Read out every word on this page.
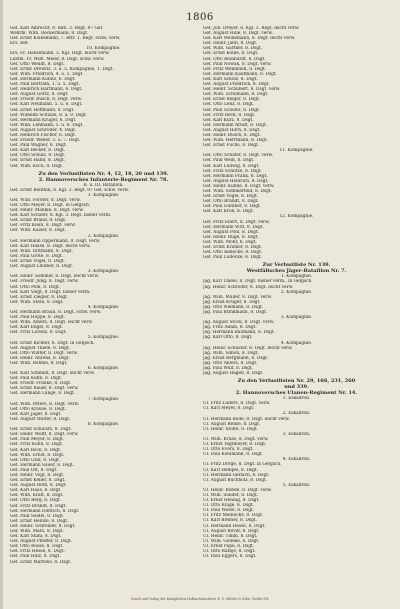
1806
Gef. Karl Albrecht, 9. Batl. 3. Regt. 97 Gef.
Wehrm. Wilh. Deckermann, 8. Dsgt.
Gef. Ernst Kolbemann, 7. Bttr. 1. Regt. schw. verw.
Ers. Ref.
10. Kompagnie.
Ers. Fr. Hansemann, 5. Kgl. Dsgt. leicht verw.
Ldstm. Fr. Wilh. Meier, 8. Dsgt. schw. verw.
Gef. Otto Wendt, 8. Dsgt.
Gef. Ernst Drewitz, 3. u. 5. Kompagnie, 1. Dsgt.
Gef. Wilh. Friedrich, 4. u. 5. Dsgt.
Gef. Hermann Kubitz, 6. Dsgt.
Gef. Paul Bertram, 1. u. 5. Dsgt.
Gef. Heinrich Hartmann, 6. Dsgt.
Gef. August Görtz, 8. Dsgt.
Gef. Friedr. Busch, 8. Dsgt. verw.
Gef. Karl Neumann, 5. u. 6. Dsgt.
Gef. Ernst Hoffmann, 8. Dsgt.
Gef. Wilhelm Schulze, 8. u. 9. Dsgt.
Gef. Hermann Krüger, 8. Dsgt.
Gef. Wilh. Lehmann, 5. u. 8. Dsgt.
Gef. August Schröder, 4. Dsgt.
Gef. Heinrich Fischer, 6. Dsgt.
Gef. Friedr. Weber, 5. u. 7. Dsgt.
Gef. Paul Wagner, 8. Dsgt.
Gef. Karl Becker, 8. Dsgt.
Gef. Otto Schulz, 8. Dsgt.
Gef. Ernst Hahn, 8. Dsgt.
Gef. Wilh. Koch, 8. Dsgt.
Zu den Verlustlisten Nr. 4, 12, 18, 20 und 139.
2. Hannoversches Infanterie-Regiment Nr. 78.
II. u. III. Bataillon.
Gef. Ernst Benthin, 8. Kgl. 3. Regt. 97 Gef. schw. verw.
1. Kompagnie.
Gef. Wilh. Förster, 8. Dsgt. verw.
Gef. Otto Meyer, 8. Dsgt. in Gefgsch.
Gef. Heinr. Mahlke, 8. Dsgt. verw.
Gef. Karl Schäfer, 8. Kgl. 3. Regt. bisher verm.
Gef. Ernst Brand, 8. Dsgt.
Gef. Fritz Klein, 8. Dsgt. verw.
Gef. Wilh. Kaiser, 8. Dsgt.
2. Kompagnie.
Gef. Hermann Oppermann, 8. Dsgt. verw.
Gef. Karl Haase, 8. Dsgt. leicht verw.
Gef. Wilh. Dittmann, 8. Dsgt.
Gef. Paul Grote, 8. Dsgt.
Gef. Ernst Vogel, 8. Dsgt.
Gef. August Lindner, 8. Dsgt.
3. Kompagnie.
Gef. Heinr. Sommer, 8. Dsgt. leicht verw.
Gef. Friedr. Jung, 8. Dsgt. verw.
Gef. Otto Pohl, 8. Dsgt.
Gef. Karl Voigt, 8. Dsgt. bisher verm.
Gef. Ernst Ziegler, 8. Dsgt.
Gef. Wilh. Stein, 8. Dsgt.
4. Kompagnie.
Gef. Hermann Braun, 8. Dsgt. schw. verw.
Gef. Paul Hoppe, 8. Dsgt.
Gef. Wilh. Albers, 8. Dsgt. leicht verw.
Gef. Karl Engel, 8. Dsgt.
Gef. Fritz Lorenz, 8. Dsgt.
5. Kompagnie.
Gef. Ernst Richter, 8. Dsgt. in Gefgsch.
Gef. August Thiele, 8. Dsgt.
Gef. Otto Winter, 8. Dsgt. verw.
Gef. Heinr. Ahrens, 8. Dsgt.
Gef. Wilh. Böhme, 8. Dsgt.
6. Kompagnie.
Gef. Karl Schmidt, 8. Dsgt. leicht verw.
Gef. Paul Kuhn, 8. Dsgt.
Gef. Friedr. Franke, 8. Dsgt.
Gef. Ernst Bauer, 8. Dsgt. verw.
Gef. Hermann Lange, 8. Dsgt.
7. Kompagnie.
Gef. Wilh. Peters, 8. Dsgt. verw.
Gef. Otto Krause, 8. Dsgt.
Gef. Karl Jäger, 8. Dsgt.
Gef. August Walter, 8. Dsgt.
8. Kompagnie.
Gef. Ernst Schwarz, 8. Dsgt.
Gef. Heinr. Wolff, 8. Dsgt. verw.
Gef. Paul Meyer, 8. Dsgt.
Gef. Fritz Kühn, 8. Dsgt.
Gef. Karl Bock, 8. Dsgt.
Gef. Wilh. Ernst, 8. Dsgt.
Gef. Otto Graf, 8. Dsgt.
Gef. Hermann Sauer, 8. Dsgt.
Gef. Paul Ott, 8. Dsgt.
Gef. Heinr. Vogt, 8. Dsgt.
Gef. Ernst Keller, 8. Dsgt.
Gef. August Roth, 8. Dsgt.
Gef. Karl Haas, 8. Dsgt.
Gef. Wilh. Kraft, 8. Dsgt.
Gef. Otto Berg, 8. Dsgt.
Gef. Fritz Brandt, 8. Dsgt.
Gef. Hermann Dietrich, 8. Dsgt.
Gef. Paul Seidel, 8. Dsgt.
Gef. Ernst Heinze, 8. Dsgt.
Gef. Heinr. Schreiber, 8. Dsgt.
Gef. Wilh. Marx, 8. Dsgt.
Gef. Karl Stahl, 8. Dsgt.
Gef. August Pfeiffer, 8. Dsgt.
Gef. Otto Busse, 8. Dsgt.
Gef. Fritz Hesse, 8. Dsgt.
Gef. Paul Hinz, 8. Dsgt.
Gef. Ernst Martens, 8. Dsgt.
Gef. Joh. Dreyer, 8. Kgl. 3. Regt. leicht verw.
Gef. August Hille, 8. Dsgt. verw.
Gef. Karl Weidemann, 8. Dsgt. leicht verw.
Gef. Heinr. Jahn, 8. Dsgt.
Gef. Wilh. Gärtner, 8. Dsgt.
Gef. Ernst Kolbe, 8. Dsgt.
Gef. Otto Reinhardt, 8. Dsgt.
Gef. Paul Nowak, 8. Dsgt. verw.
Gef. Fritz Wendland, 8. Dsgt.
Gef. Hermann Kaufmann, 8. Dsgt.
Gef. Karl Scholz, 8. Dsgt.
Gef. August Friedrich, 8. Dsgt.
Gef. Heinr. Schubert, 8. Dsgt. verw.
Gef. Wilh. Schumann, 8. Dsgt.
Gef. Ernst Rieger, 8. Dsgt.
Gef. Otto Lenz, 8. Dsgt.
Gef. Paul Schulte, 8. Dsgt.
Gef. Fritz Beck, 8. Dsgt.
Gef. Karl Kurz, 8. Dsgt.
Gef. Hermann Arndt, 8. Dsgt.
Gef. August Horn, 8. Dsgt.
Gef. Heinr. Busch, 8. Dsgt.
Gef. Wilh. Herrmann, 8. Dsgt.
Gef. Ernst Fuchs, 8. Dsgt.
11. Kompagnie.
Gef. Otto Schäfer, 8. Dsgt. verw.
Gef. Paul Weiß, 8. Dsgt.
Gef. Karl Ludwig, 8. Dsgt.
Gef. Fritz Schütze, 8. Dsgt.
Gef. Hermann Frank, 8. Dsgt.
Gef. August Heinrich, 8. Dsgt.
Gef. Heinr. Kühne, 8. Dsgt. verw.
Gef. Wilh. Sommerfeld, 8. Dsgt.
Gef. Ernst Vogel, 8. Dsgt.
Gef. Otto Brandt, 8. Dsgt.
Gef. Paul Günther, 8. Dsgt.
Gef. Karl Kroll, 8. Dsgt.
12. Kompagnie.
Gef. Fritz Ebert, 8. Dsgt. verw.
Gef. Hermann Witt, 8. Dsgt.
Gef. August Pohl, 8. Dsgt.
Gef. Heinr. Ruge, 8. Dsgt.
Gef. Wilh. Mohr, 8. Dsgt.
Gef. Ernst Kramer, 8. Dsgt.
Gef. Otto Benecke, 8. Dsgt.
Gef. Paul Lüdecke, 8. Dsgt.
Zur Verlustliste Nr. 139.
Westfälisches Jäger-Bataillon Nr. 7.
1. Kompagnie.
Jäg. Karl Thiele, 8. Dsgt. bisher verm., in Gefgsch.
Jäg. Heinr. Schröder, 8. Dsgt. leicht verw.
2. Kompagnie.
Jäg. Wilh. Müller, 8. Dsgt. verw.
Jäg. Ernst Krüger, 8. Dsgt.
Jäg. Otto Niemann, 8. Dsgt.
Jäg. Paul Brinkmann, 8. Dsgt.
3. Kompagnie.
Jäg. August Stock, 8. Dsgt. verw.
Jäg. Fritz Adam, 8. Dsgt.
Jäg. Hermann Baumann, 8. Dsgt.
Jäg. Karl Otto, 8. Dsgt.
4. Kompagnie.
Jäg. Heinr. Schuster, 8. Dsgt. leicht verw.
Jäg. Wilh. Simon, 8. Dsgt.
Jäg. Ernst Bergmann, 8. Dsgt.
Jäg. Otto Ahlers, 8. Dsgt.
Jäg. Paul Wulf, 8. Dsgt.
Jäg. August Hagen, 8. Dsgt.
Zu den Verlustlisten Nr. 29, 166, 231, 260
und 339.
2. Hannoversches Ulanen-Regiment Nr. 14.
1. Eskadron.
Ul. Fritz Lüders, 8. Dsgt. verw.
Ul. Karl Meyer, 8. Dsgt.
2. Eskadron.
Ul. Hermann Bode, 8. Dsgt. leicht verw.
Ul. August Rehse, 8. Dsgt.
Ul. Heinr. Stolte, 8. Dsgt.
3. Eskadron.
Ul. Wilh. Kruse, 8. Dsgt. verw.
Ul. Ernst Tegtmeyer, 8. Dsgt.
Ul. Otto Evers, 8. Dsgt.
Ul. Paul Kohlmann, 8. Dsgt.
4. Eskadron.
Ul. Fritz Dörge, 8. Dsgt. in Gefgsch.
Ul. Karl Hempel, 8. Dsgt.
Ul. Hermann Gerlach, 8. Dsgt.
Ul. August Buchholz, 8. Dsgt.
5. Eskadron.
Ul. Heinr. Rohde, 8. Dsgt. verw.
Ul. Wilh. Sander, 8. Dsgt.
Ul. Ernst Hennig, 8. Dsgt.
Ul. Otto Kluge, 8. Dsgt.
Ul. Paul Wiese, 8. Dsgt.
Ul. Fritz Meinecke, 8. Dsgt.
Ul. Karl Bremer, 8. Dsgt.
Ul. Hermann Hesse, 8. Dsgt.
Ul. August Röver, 8. Dsgt.
Ul. Heinr. Timm, 8. Dsgt.
Ul. Wilh. Gödeke, 8. Dsgt.
Ul. Ernst Pape, 8. Dsgt.
Ul. Otto Rathje, 8. Dsgt.
Ul. Paul Eggers, 8. Dsgt.
Druck und Verlag der Königlichen Hofbuchdruckerei E. S. Mittler & Sohn, Berlin SW.
